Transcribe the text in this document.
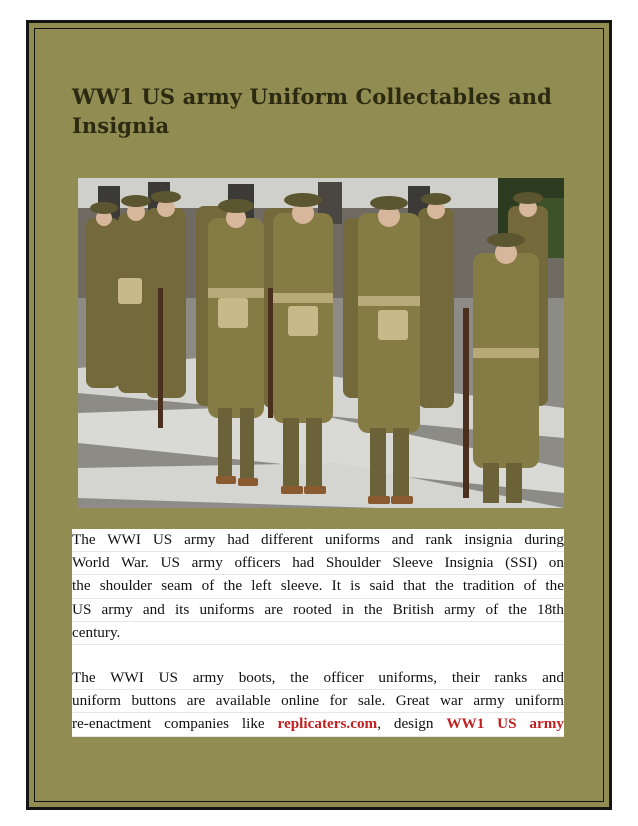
WW1 US army Uniform Collectables and
Insignia

The WWI US army had different uniforms and rank insignia during
World War. US army officers had Shoulder Sleeve Insignia (SSI) on
the shoulder seam of the left sleeve. It is said that the tradition of the
US army and its uniforms are rooted in the British army of the 18th
century.

The WWI US army boots, the officer uniforms, their ranks and
uniform buttons are available online for sale. Great war army uniform
re-enactment companies like replicaters.com, design WW1 US army
